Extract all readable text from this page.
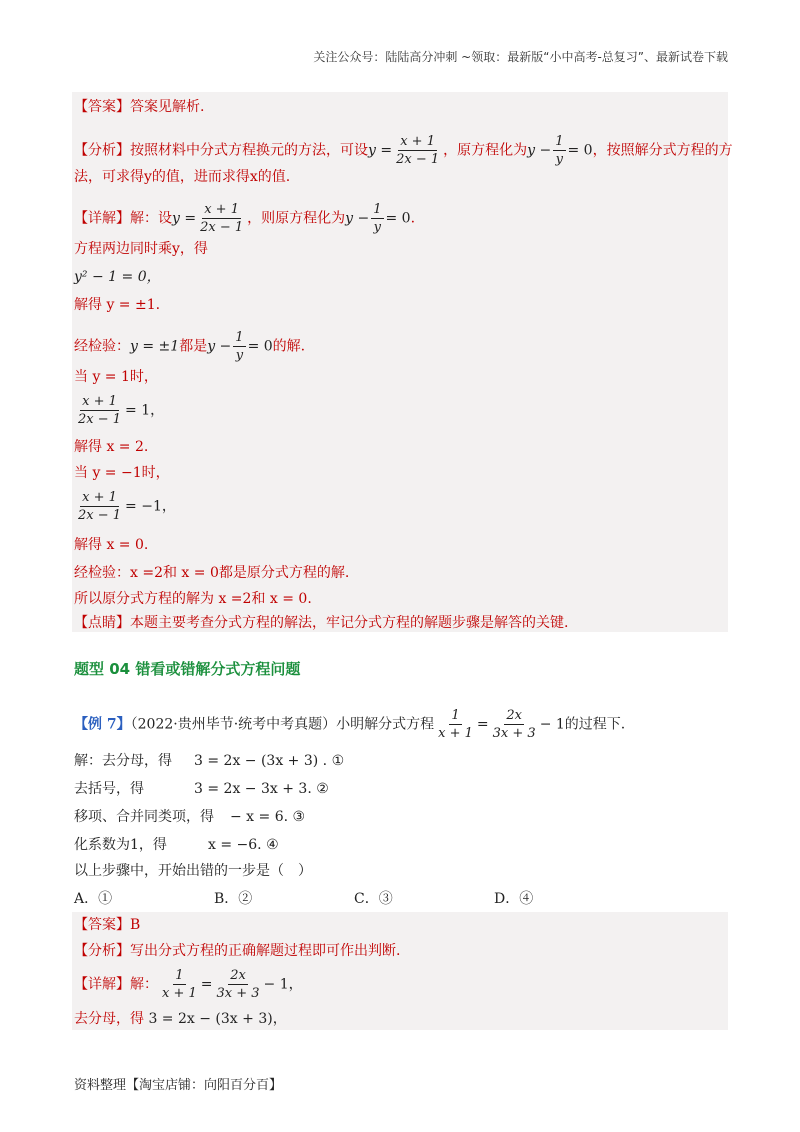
关注公众号：陆陆高分冲刺 ~领取：最新版“小中高考-总复习”、最新试卷下载
【答案】答案见解析.
【分析】按照材料中分式方程换元的方法，可设$y = \frac{x + 1}{2x - 1}$ ，原方程化为$y - \frac{1}{y} = 0$，按照解分式方程的方
法，可求得y的值，进而求得x的值.
【详解】解：设$y = \frac{x + 1}{2x - 1}$ ，则原方程化为$y - \frac{1}{y} = 0$.
方程两边同时乘y，得
y² − 1 = 0，
解得 y = ±1.
经检验：y = ±1都是$y - \frac{1}{y} = 0$的解.
当 y = 1时，
$\frac{x + 1}{2x - 1} = 1$，
解得 x = 2.
当 y = −1时，
$\frac{x + 1}{2x - 1} = -1$，
解得 x = 0.
经检验：x =2和 x = 0都是原分式方程的解.
所以原分式方程的解为 x =2和 x = 0.
【点睛】本题主要考查分式方程的解法，牢记分式方程的解题步骤是解答的关键.
题型 04 错看或错解分式方程问题
【例 7】（2022·贵州毕节·统考中考真题）小明解分式方程 $\frac{1}{x + 1} = \frac{2x}{3x + 3} - 1$的过程下.
解：去分母，得 3 = 2x − (3x + 3) . ①
去括号，得	3 = 2x − 3x + 3. ②
移项、合并同类项，得 − x = 6. ③
化系数为1，得	x = −6. ④
以上步骤中，开始出错的一步是（　）
A．①	B．②	C．③	D．④
【答案】B
【分析】写出分式方程的正确解题过程即可作出判断.
【详解】解： $\frac{1}{x + 1} = \frac{2x}{3x + 3} - 1$，
去分母，得 3 = 2x − (3x + 3)，
资料整理【淘宝店铺：向阳百分百】
